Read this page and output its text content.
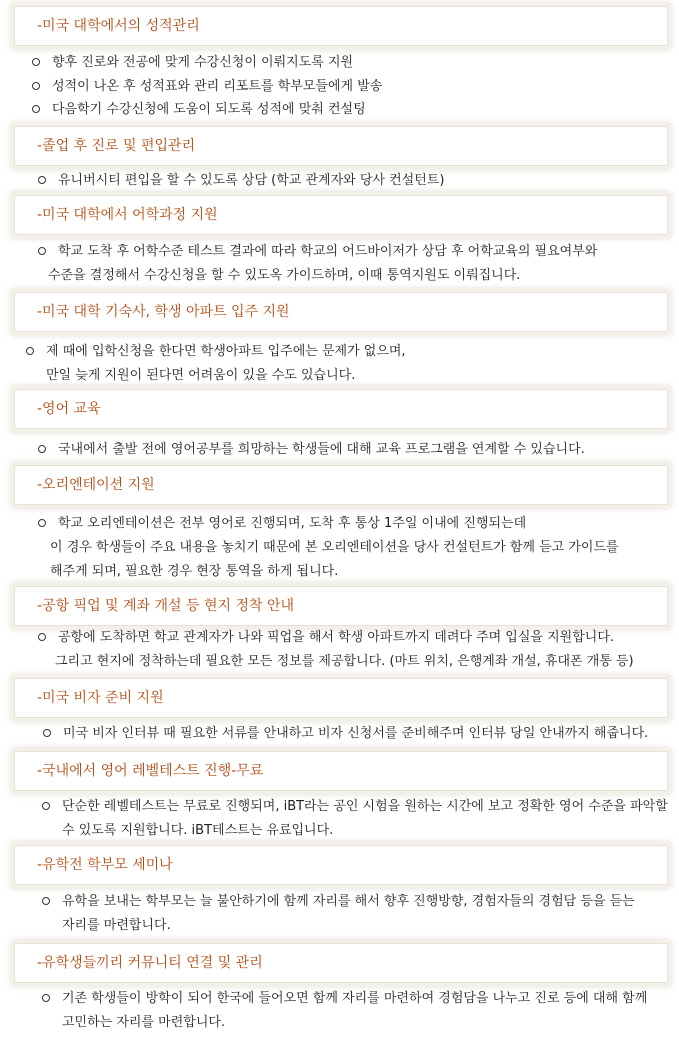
-미국 대학에서의 성적관리
향후 진로와 전공에 맞게 수강신청이 이뤄지도록 지원
성적이 나온 후 성적표와 관리 리포트를 학부모들에게 발송
다음학기 수강신청에 도움이 되도록 성적에 맞춰 컨설팅
-졸업 후 진로 및 편입관리
유니버시티 편입을 할 수 있도록 상담 (학교 관계자와 당사 컨설턴트)
-미국 대학에서 어학과정 지원
학교 도착 후 어학수준 테스트 결과에 따라 학교의 어드바이저가 상담 후 어학교육의 필요여부와
수준을 결정해서 수강신청을 할 수 있도옥 가이드하며, 이때 통역지원도 이뤄집니다.
-미국 대학 기숙사, 학생 아파트 입주 지원
제 때에 입학신청을 한다면 학생아파트 입주에는 문제가 없으며,
만일 늦게 지원이 된다면 어려움이 있을 수도 있습니다.
-영어 교육
국내에서 출발 전에 영어공부를 희망하는 학생들에 대해 교육 프로그램을 연계할 수 있습니다.
-오리엔테이션 지원
학교 오리엔테이션은 전부 영어로 진행되며, 도착 후 통상 1주일 이내에 진행되는데
이 경우 학생들이 주요 내용을 놓치기 때문에 본 오리엔테이션을 당사 컨설턴트가 함께 듣고 가이드를
해주게 되며, 필요한 경우 현장 통역을 하게 됩니다.
-공항 픽업 및 계좌 개설 등 현지 정착 안내
공항에 도착하면 학교 관계자가 나와 픽업을 해서 학생 아파트까지 데려다 주며 입실을 지원합니다.
그리고 현지에 정착하는데 필요한 모든 정보를 제공합니다. (마트 위치, 은행계좌 개설, 휴대폰 개통 등)
-미국 비자 준비 지원
미국 비자 인터뷰 때 필요한 서류를 안내하고 비자 신청서를 준비해주며 인터뷰 당일 안내까지 해줍니다.
-국내에서 영어 레벨테스트 진행-무료
단순한 레벨테스트는 무료로 진행되며, iBT라는 공인 시험을 원하는 시간에 보고 정확한 영어 수준을 파악할
수 있도록 지원합니다. iBT테스트는 유료입니다.
-유학전 학부모 세미나
유학을 보내는 학부모는 늘 불안하기에 함께 자리를 해서 향후 진행방향, 경험자들의 경험담 등을 듣는
자리를 마련합니다.
-유학생들끼리 커뮤니티 연결 및 관리
기존 학생들이 방학이 되어 한국에 들어오면 함께 자리를 마련하여 경험담을 나누고 진로 등에 대해 함께
고민하는 자리를 마련합니다.
